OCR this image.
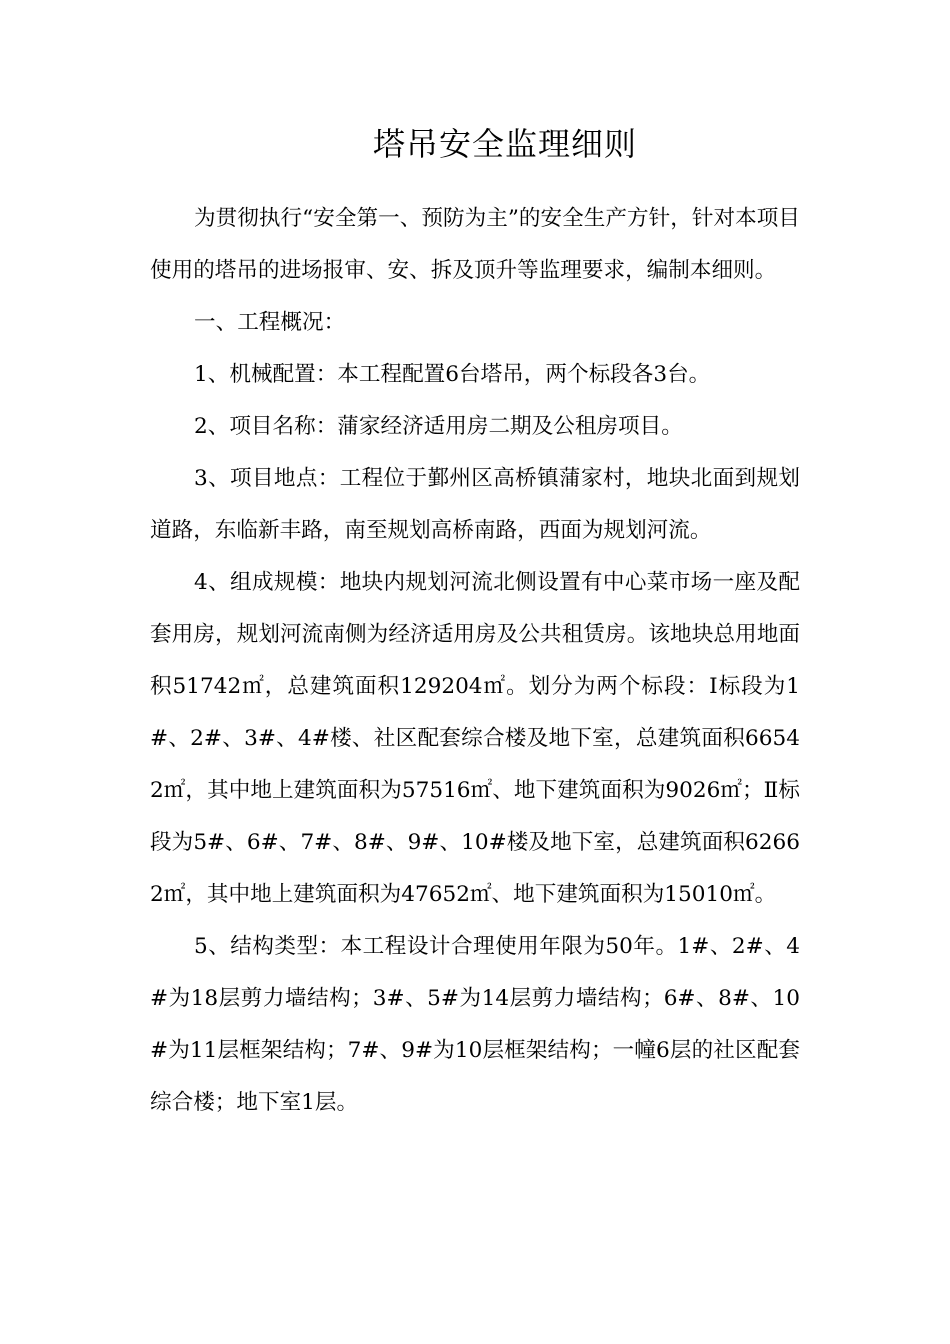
塔吊安全监理细则

为贯彻执行“安全第一、预防为主”的安全生产方针，针对本项目使用的塔吊的进场报审、安、拆及顶升等监理要求，编制本细则。

一、工程概况：

1、机械配置：本工程配置6台塔吊，两个标段各3台。

2、项目名称：蒲家经济适用房二期及公租房项目。

3、项目地点：工程位于鄞州区高桥镇蒲家村，地块北面到规划道路，东临新丰路，南至规划高桥南路，西面为规划河流。

4、组成规模：地块内规划河流北侧设置有中心菜市场一座及配套用房，规划河流南侧为经济适用房及公共租赁房。该地块总用地面积51742㎡，总建筑面积129204㎡。划分为两个标段：Ⅰ标段为1#、2#、3#、4#楼、社区配套综合楼及地下室，总建筑面积66542㎡，其中地上建筑面积为57516㎡、地下建筑面积为9026㎡；Ⅱ标段为5#、6#、7#、8#、9#、10#楼及地下室，总建筑面积62662㎡，其中地上建筑面积为47652㎡、地下建筑面积为15010㎡。

5、结构类型：本工程设计合理使用年限为50年。1#、2#、4#为18层剪力墙结构；3#、5#为14层剪力墙结构；6#、8#、10#为11层框架结构；7#、9#为10层框架结构；一幢6层的社区配套综合楼；地下室1层。
